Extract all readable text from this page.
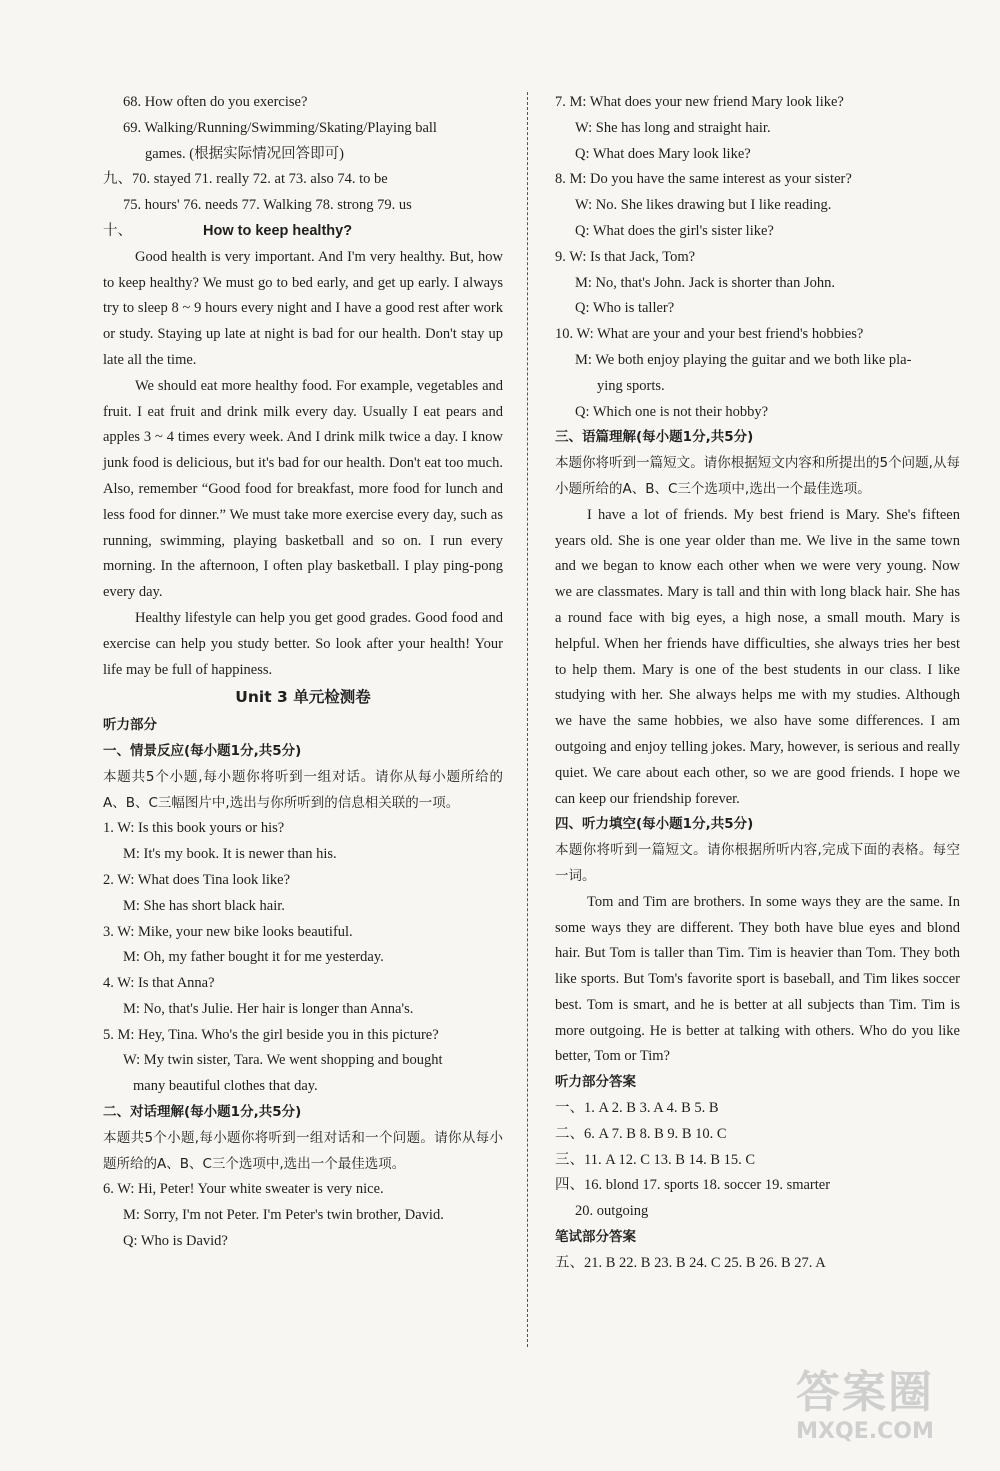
68. How often do you exercise?
69. Walking/Running/Swimming/Skating/Playing ball
games. (根据实际情况回答即可)
九、70. stayed 71. really 72. at 73. also 74. to be
75. hours' 76. needs 77. Walking 78. strong 79. us
十、	How to keep healthy?
Good health is very important. And I'm very healthy. But, how to keep healthy? We must go to bed early, and get up early. I always try to sleep 8 ~ 9 hours every night and I have a good rest after work or study. Staying up late at night is bad for our health. Don't stay up late all the time.
We should eat more healthy food. For example, vegetables and fruit. I eat fruit and drink milk every day. Usually I eat pears and apples 3 ~ 4 times every week. And I drink milk twice a day. I know junk food is delicious, but it's bad for our health. Don't eat too much. Also, remember “Good food for breakfast, more food for lunch and less food for dinner.” We must take more exercise every day, such as running, swimming, playing basketball and so on. I run every morning. In the afternoon, I often play basketball. I play ping-pong every day.
Healthy lifestyle can help you get good grades. Good food and exercise can help you study better. So look after your health! Your life may be full of happiness.
Unit 3 单元检测卷
听力部分
一、情景反应(每小题1分,共5分)
本题共5个小题,每小题你将听到一组对话。请你从每小题所给的A、B、C三幅图片中,选出与你所听到的信息相关联的一项。
1. W: Is this book yours or his?
M: It's my book. It is newer than his.
2. W: What does Tina look like?
M: She has short black hair.
3. W: Mike, your new bike looks beautiful.
M: Oh, my father bought it for me yesterday.
4. W: Is that Anna?
M: No, that's Julie. Her hair is longer than Anna's.
5. M: Hey, Tina. Who's the girl beside you in this picture?
W: My twin sister, Tara. We went shopping and bought
many beautiful clothes that day.
二、对话理解(每小题1分,共5分)
本题共5个小题,每小题你将听到一组对话和一个问题。请你从每小题所给的A、B、C三个选项中,选出一个最佳选项。
6. W: Hi, Peter! Your white sweater is very nice.
M: Sorry, I'm not Peter. I'm Peter's twin brother, David.
Q: Who is David?
7. M: What does your new friend Mary look like?
W: She has long and straight hair.
Q: What does Mary look like?
8. M: Do you have the same interest as your sister?
W: No. She likes drawing but I like reading.
Q: What does the girl's sister like?
9. W: Is that Jack, Tom?
M: No, that's John. Jack is shorter than John.
Q: Who is taller?
10. W: What are your and your best friend's hobbies?
M: We both enjoy playing the guitar and we both like pla-
ying sports.
Q: Which one is not their hobby?
三、语篇理解(每小题1分,共5分)
本题你将听到一篇短文。请你根据短文内容和所提出的5个问题,从每小题所给的A、B、C三个选项中,选出一个最佳选项。
I have a lot of friends. My best friend is Mary. She's fifteen years old. She is one year older than me. We live in the same town and we began to know each other when we were very young. Now we are classmates. Mary is tall and thin with long black hair. She has a round face with big eyes, a high nose, a small mouth. Mary is helpful. When her friends have difficulties, she always tries her best to help them. Mary is one of the best students in our class. I like studying with her. She always helps me with my studies. Although we have the same hobbies, we also have some differences. I am outgoing and enjoy telling jokes. Mary, however, is serious and really quiet. We care about each other, so we are good friends. I hope we can keep our friendship forever.
四、听力填空(每小题1分,共5分)
本题你将听到一篇短文。请你根据所听内容,完成下面的表格。每空一词。
Tom and Tim are brothers. In some ways they are the same. In some ways they are different. They both have blue eyes and blond hair. But Tom is taller than Tim. Tim is heavier than Tom. They both like sports. But Tom's favorite sport is baseball, and Tim likes soccer best. Tom is smart, and he is better at all subjects than Tim. Tim is more outgoing. He is better at talking with others. Who do you like better, Tom or Tim?
听力部分答案
一、1. A 2. B 3. A 4. B 5. B
二、6. A 7. B 8. B 9. B 10. C
三、11. A 12. C 13. B 14. B 15. C
四、16. blond 17. sports 18. soccer 19. smarter
20. outgoing
笔试部分答案
五、21. B 22. B 23. B 24. C 25. B 26. B 27. A
答案圈
MXQE.COM
